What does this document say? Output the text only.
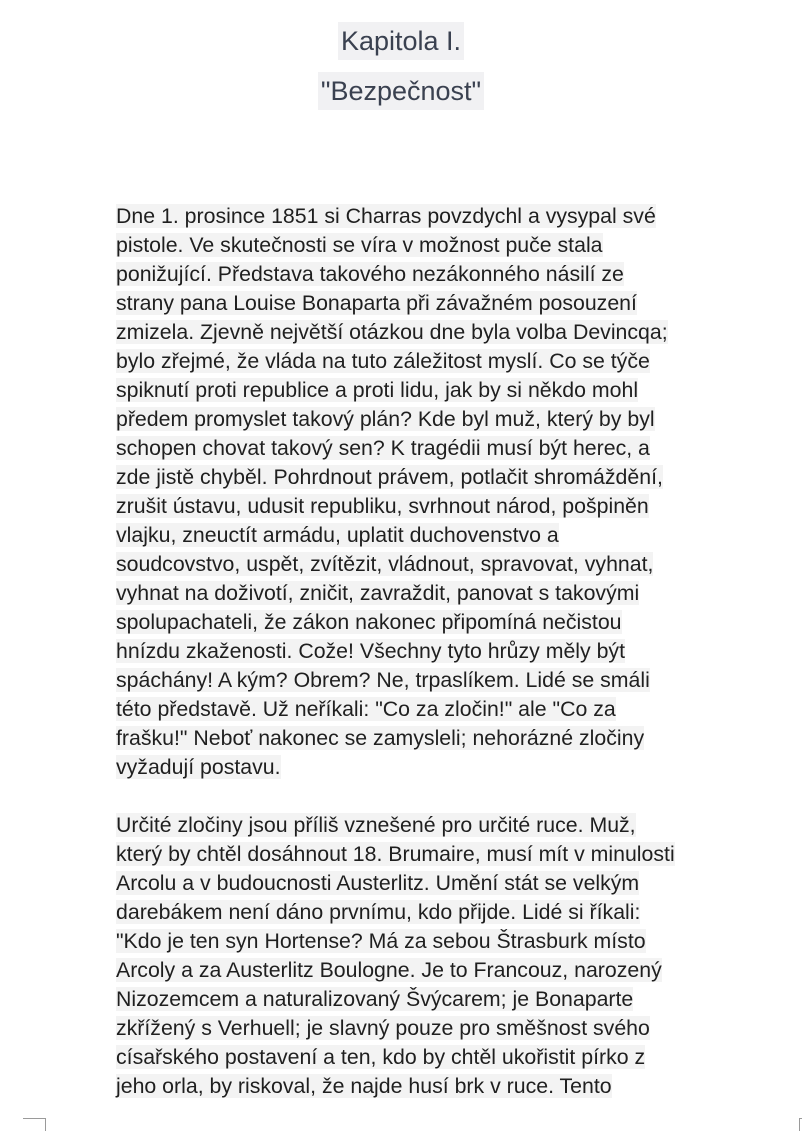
Kapitola I.
"Bezpečnost"
Dne 1. prosince 1851 si Charras povzdychl a vysypal své
pistole. Ve skutečnosti se víra v možnost puče stala
ponižující. Představa takového nezákonného násilí ze
strany pana Louise Bonaparta při závažném posouzení
zmizela. Zjevně největší otázkou dne byla volba Devincqa;
bylo zřejmé, že vláda na tuto záležitost myslí. Co se týče
spiknutí proti republice a proti lidu, jak by si někdo mohl
předem promyslet takový plán? Kde byl muž, který by byl
schopen chovat takový sen? K tragédii musí být herec, a
zde jistě chyběl. Pohrdnout právem, potlačit shromáždění,
zrušit ústavu, udusit republiku, svrhnout národ, pošpiněn
vlajku, zneuctít armádu, uplatit duchovenstvo a
soudcovstvo, uspět, zvítězit, vládnout, spravovat, vyhnat,
vyhnat na doživotí, zničit, zavraždit, panovat s takovými
spolupachateli, že zákon nakonec připomíná nečistou
hnízdu zkaženosti. Cože! Všechny tyto hrůzy měly být
spáchány! A kým? Obrem? Ne, trpaslíkem. Lidé se smáli
této představě. Už neříkali: "Co za zločin!" ale "Co za
frašku!" Neboť nakonec se zamysleli; nehorázné zločiny
vyžadují postavu.
Určité zločiny jsou příliš vznešené pro určité ruce. Muž,
který by chtěl dosáhnout 18. Brumaire, musí mít v minulosti
Arcolu a v budoucnosti Austerlitz. Umění stát se velkým
darebákem není dáno prvnímu, kdo přijde. Lidé si říkali:
"Kdo je ten syn Hortense? Má za sebou Štrasburk místo
Arcoly a za Austerlitz Boulogne. Je to Francouz, narozený
Nizozemcem a naturalizovaný Švýcarem; je Bonaparte
zkřížený s Verhuell; je slavný pouze pro směšnost svého
císařského postavení a ten, kdo by chtěl ukořistit pírko z
jeho orla, by riskoval, že najde husí brk v ruce. Tento
